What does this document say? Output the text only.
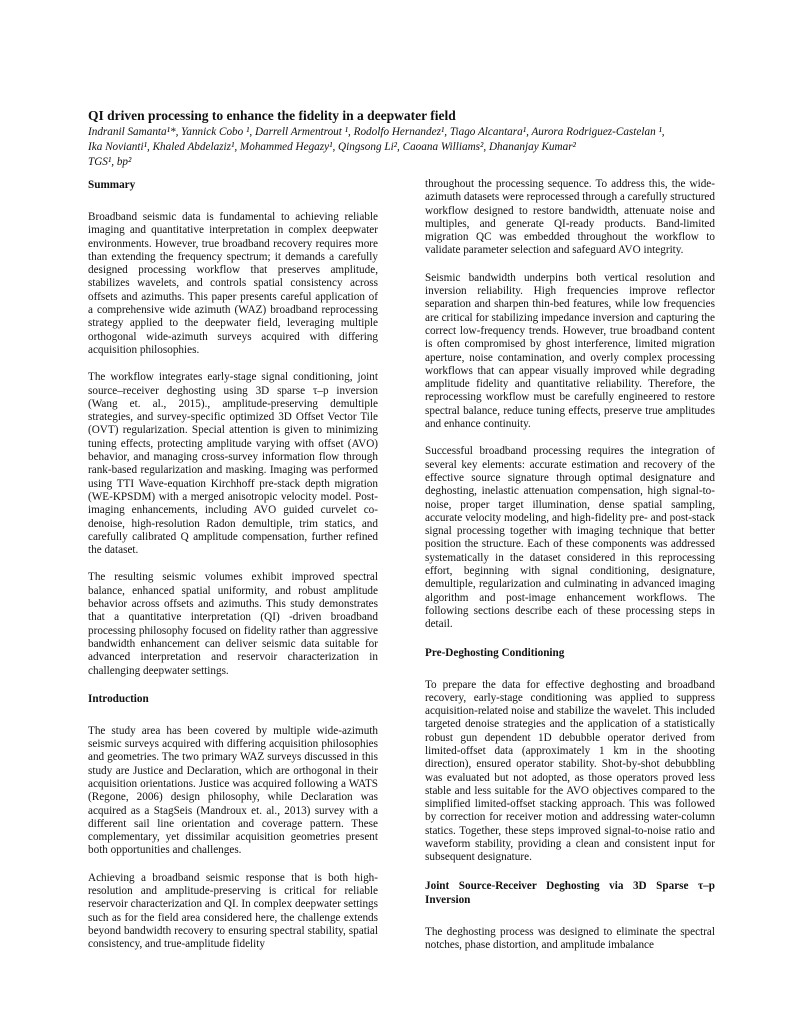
QI driven processing to enhance the fidelity in a deepwater field
Indranil Samanta¹*, Yannick Cobo ¹, Darrell Armentrout ¹, Rodolfo Hernandez¹, Tiago Alcantara¹, Aurora Rodriguez-Castelan ¹,
Ika Novianti¹, Khaled Abdelaziz¹, Mohammed Hegazy¹, Qingsong Li², Caoana Williams², Dhananjay Kumar²
TGS¹, bp²
Summary

Broadband seismic data is fundamental to achieving reliable imaging and quantitative interpretation in complex deepwater environments. However, true broadband recovery requires more than extending the frequency spectrum; it demands a carefully designed processing workflow that preserves amplitude, stabilizes wavelets, and controls spatial consistency across offsets and azimuths. This paper presents careful application of a comprehensive wide azimuth (WAZ) broadband reprocessing strategy applied to the deepwater field, leveraging multiple orthogonal wide-azimuth surveys acquired with differing acquisition philosophies.

The workflow integrates early-stage signal conditioning, joint source–receiver deghosting using 3D sparse τ–p inversion (Wang et. al., 2015)., amplitude-preserving demultiple strategies, and survey-specific optimized 3D Offset Vector Tile (OVT) regularization. Special attention is given to minimizing tuning effects, protecting amplitude varying with offset (AVO) behavior, and managing cross-survey information flow through rank-based regularization and masking. Imaging was performed using TTI Wave-equation Kirchhoff pre-stack depth migration (WE-KPSDM) with a merged anisotropic velocity model. Post-imaging enhancements, including AVO guided curvelet co-denoise, high-resolution Radon demultiple, trim statics, and carefully calibrated Q amplitude compensation, further refined the dataset.

The resulting seismic volumes exhibit improved spectral balance, enhanced spatial uniformity, and robust amplitude behavior across offsets and azimuths. This study demonstrates that a quantitative interpretation (QI) -driven broadband processing philosophy focused on fidelity rather than aggressive bandwidth enhancement can deliver seismic data suitable for advanced interpretation and reservoir characterization in challenging deepwater settings.

Introduction

The study area has been covered by multiple wide-azimuth seismic surveys acquired with differing acquisition philosophies and geometries. The two primary WAZ surveys discussed in this study are Justice and Declaration, which are orthogonal in their acquisition orientations. Justice was acquired following a WATS (Regone, 2006) design philosophy, while Declaration was acquired as a StagSeis (Mandroux et. al., 2013) survey with a different sail line orientation and coverage pattern. These complementary, yet dissimilar acquisition geometries present both opportunities and challenges.

Achieving a broadband seismic response that is both high-resolution and amplitude-preserving is critical for reliable reservoir characterization and QI. In complex deepwater settings such as for the field area considered here, the challenge extends beyond bandwidth recovery to ensuring spectral stability, spatial consistency, and true-amplitude fidelity

throughout the processing sequence. To address this, the wide-azimuth datasets were reprocessed through a carefully structured workflow designed to restore bandwidth, attenuate noise and multiples, and generate QI-ready products. Band-limited migration QC was embedded throughout the workflow to validate parameter selection and safeguard AVO integrity.

Seismic bandwidth underpins both vertical resolution and inversion reliability. High frequencies improve reflector separation and sharpen thin-bed features, while low frequencies are critical for stabilizing impedance inversion and capturing the correct low-frequency trends. However, true broadband content is often compromised by ghost interference, limited migration aperture, noise contamination, and overly complex processing workflows that can appear visually improved while degrading amplitude fidelity and quantitative reliability. Therefore, the reprocessing workflow must be carefully engineered to restore spectral balance, reduce tuning effects, preserve true amplitudes and enhance continuity.

Successful broadband processing requires the integration of several key elements: accurate estimation and recovery of the effective source signature through optimal designature and deghosting, inelastic attenuation compensation, high signal-to-noise, proper target illumination, dense spatial sampling, accurate velocity modeling, and high-fidelity pre- and post-stack signal processing together with imaging technique that better position the structure. Each of these components was addressed systematically in the dataset considered in this reprocessing effort, beginning with signal conditioning, designature, demultiple, regularization and culminating in advanced imaging algorithm and post-image enhancement workflows. The following sections describe each of these processing steps in detail.

Pre-Deghosting Conditioning

To prepare the data for effective deghosting and broadband recovery, early-stage conditioning was applied to suppress acquisition-related noise and stabilize the wavelet. This included targeted denoise strategies and the application of a statistically robust gun dependent 1D debubble operator derived from limited-offset data (approximately 1 km in the shooting direction), ensured operator stability. Shot-by-shot debubbling was evaluated but not adopted, as those operators proved less stable and less suitable for the AVO objectives compared to the simplified limited-offset stacking approach. This was followed by correction for receiver motion and addressing water-column statics. Together, these steps improved signal-to-noise ratio and waveform stability, providing a clean and consistent input for subsequent designature.

Joint Source-Receiver Deghosting via 3D Sparse τ–p Inversion

The deghosting process was designed to eliminate the spectral notches, phase distortion, and amplitude imbalance
